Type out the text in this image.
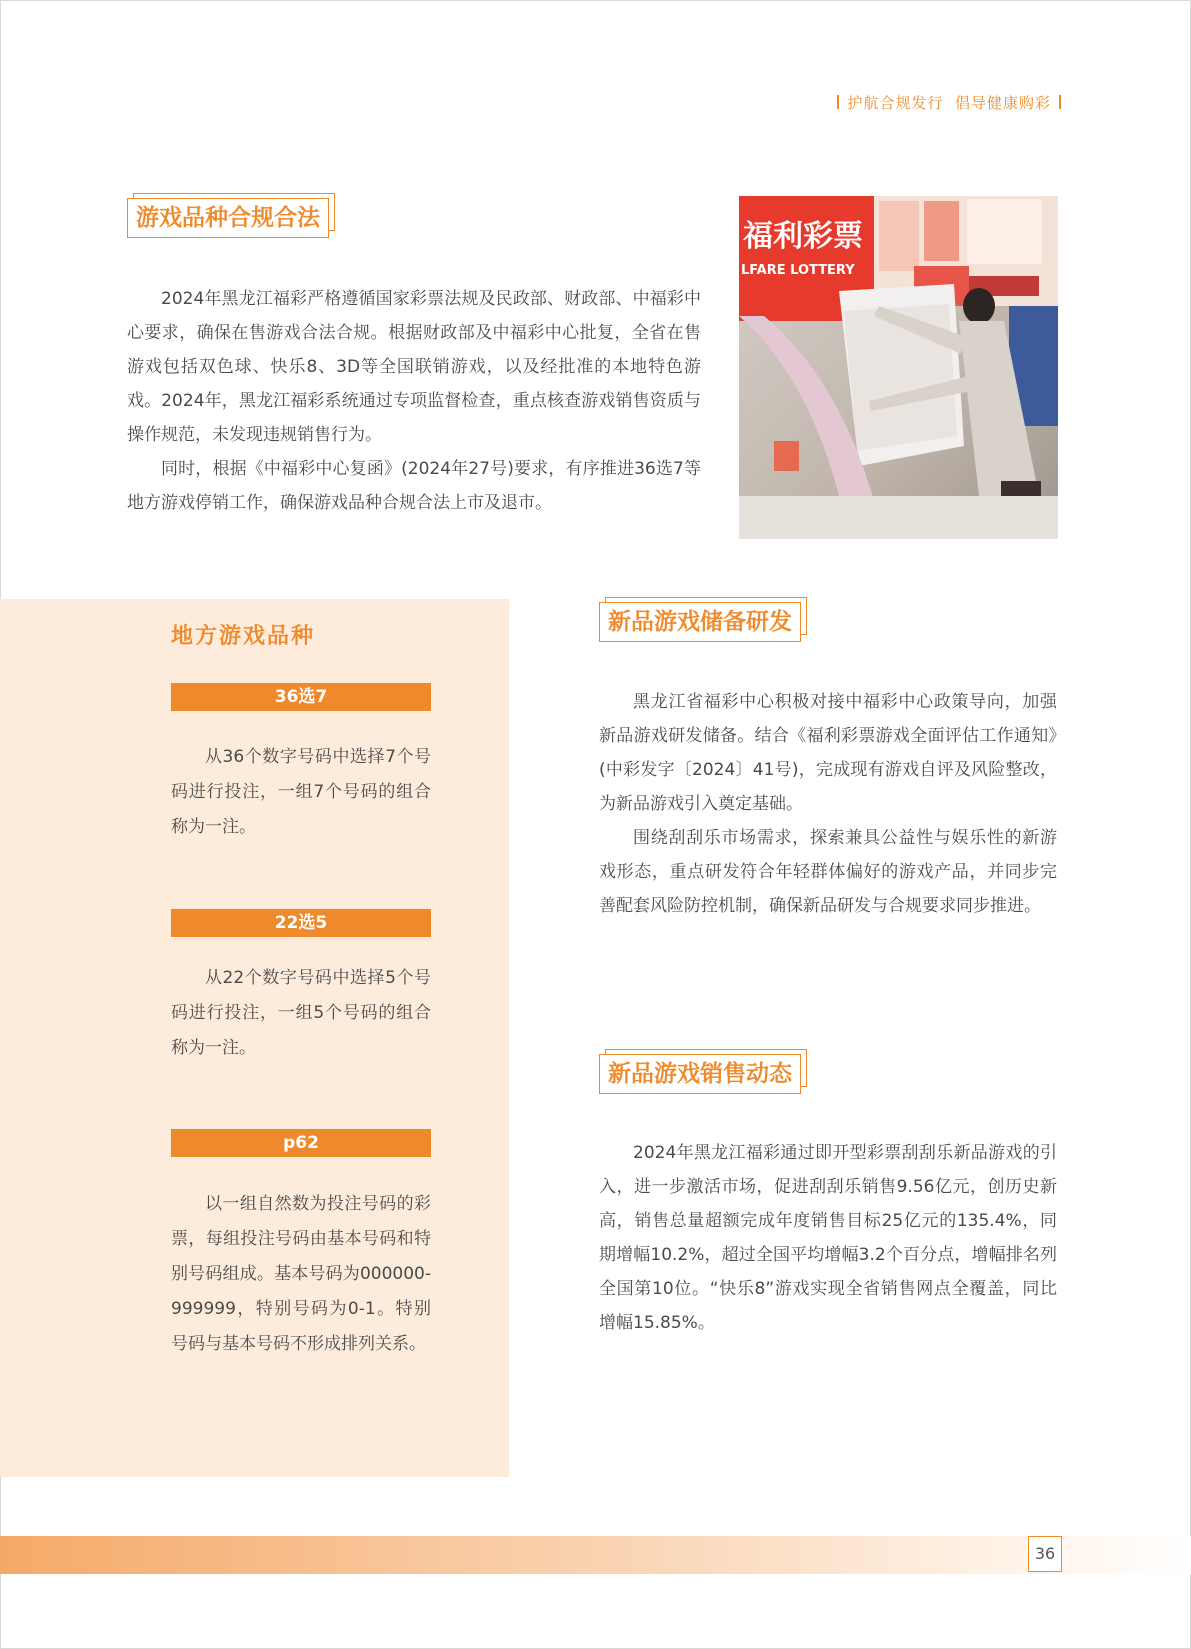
护航合规发行  倡导健康购彩
游戏品种合规合法

2024年黑龙江福彩严格遵循国家彩票法规及民政部、财政部、中福彩中心要求，确保在售游戏合法合规。根据财政部及中福彩中心批复，全省在售游戏包括双色球、快乐8、3D等全国联销游戏，以及经批准的本地特色游戏。2024年，黑龙江福彩系统通过专项监督检查，重点核查游戏销售资质与操作规范，未发现违规销售行为。

同时，根据《中福彩中心复函》(2024年27号)要求，有序推进36选7等地方游戏停销工作，确保游戏品种合规合法上市及退市。

福利彩票
LFARE LOTTERY
地方游戏品种
36选7

从36个数字号码中选择7个号码进行投注，一组7个号码的组合称为一注。

22选5

从22个数字号码中选择5个号码进行投注，一组5个号码的组合称为一注。

p62

以一组自然数为投注号码的彩票，每组投注号码由基本号码和特别号码组成。基本号码为000000-999999，特别号码为0-1。特别号码与基本号码不形成排列关系。

新品游戏储备研发

黑龙江省福彩中心积极对接中福彩中心政策导向，加强新品游戏研发储备。结合《福利彩票游戏全面评估工作通知》(中彩发字〔2024〕41号)，完成现有游戏自评及风险整改，为新品游戏引入奠定基础。

围绕刮刮乐市场需求，探索兼具公益性与娱乐性的新游戏形态，重点研发符合年轻群体偏好的游戏产品，并同步完善配套风险防控机制，确保新品研发与合规要求同步推进。

新品游戏销售动态

2024年黑龙江福彩通过即开型彩票刮刮乐新品游戏的引入，进一步激活市场，促进刮刮乐销售9.56亿元，创历史新高，销售总量超额完成年度销售目标25亿元的135.4%，同期增幅10.2%，超过全国平均增幅3.2个百分点，增幅排名列全国第10位。“快乐8”游戏实现全省销售网点全覆盖，同比增幅15.85%。

36
